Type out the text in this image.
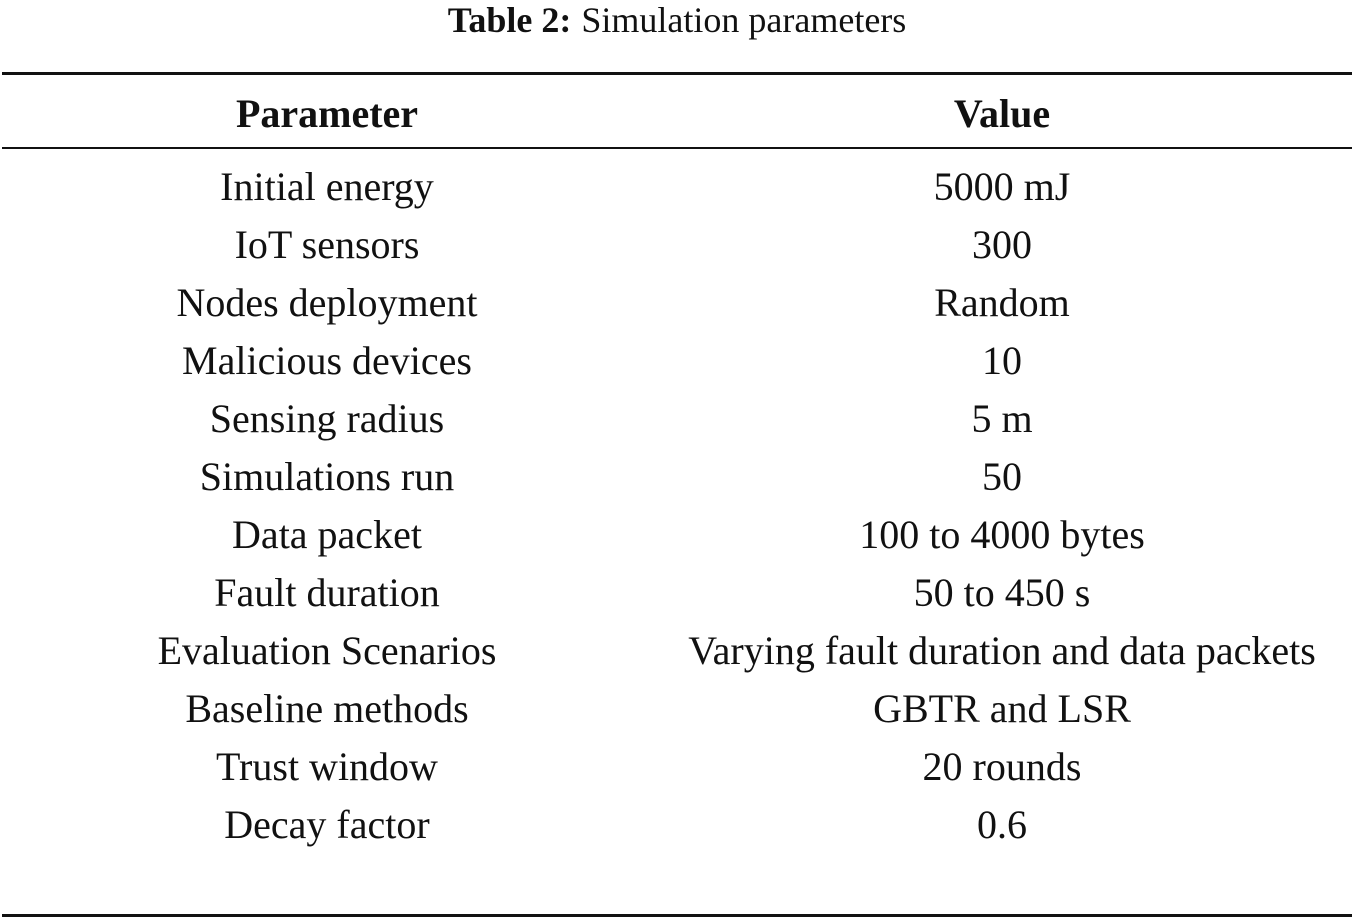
Table 2: Simulation parameters
Parameter	Value
Initial energy	5000 mJ
IoT sensors	300
Nodes deployment	Random
Malicious devices	10
Sensing radius	5 m
Simulations run	50
Data packet	100 to 4000 bytes
Fault duration	50 to 450 s
Evaluation Scenarios	Varying fault duration and data packets
Baseline methods	GBTR and LSR
Trust window	20 rounds
Decay factor	0.6
